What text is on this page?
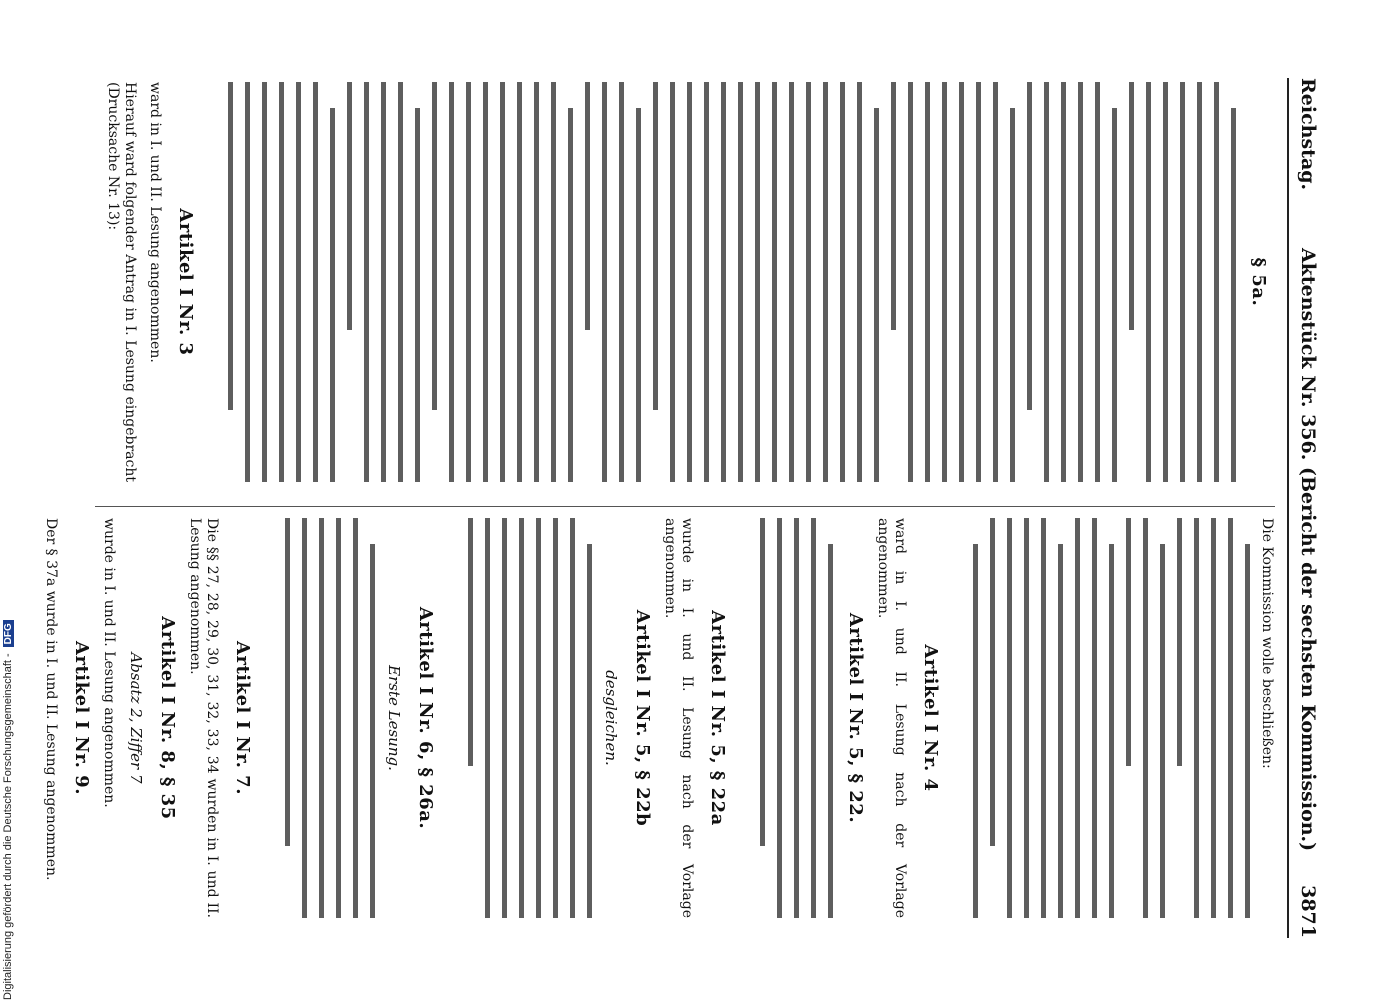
Reichstag.
Aktenstück Nr. 356. (Bericht der sechsten Kommission.)
3871
§ 5a.
Artikel I Nr. 3
ward in I. und II. Lesung angenommen.
Hierauf ward folgender Antrag in I. Lesung eingebracht (Drucksache Nr. 13):
Die Kommission wolle beschließen:
Artikel I Nr. 4
ward in I. und II. Lesung nach der Vorlage angenommen.
Artikel I Nr. 5, § 22.
Artikel I Nr. 5, § 22a
wurde in I. und II. Lesung nach der Vorlage angenommen.
Artikel I Nr. 5, § 22b
desgleichen.
Artikel I Nr. 6, § 26a.
Erste Lesung.
Artikel I Nr. 7.
Die §§ 27, 28, 29, 30, 31, 32, 33, 34 wurden in I. und II. Lesung angenommen.
Artikel I Nr. 8, § 35
Absatz 2, Ziffer 7
wurde in I. und II. Lesung angenommen.
Artikel I Nr. 9.
Der § 37a wurde in I. und II. Lesung angenommen.
Digitalisierung gefördert durch die Deutsche Forschungsgemeinschaft -DFG
